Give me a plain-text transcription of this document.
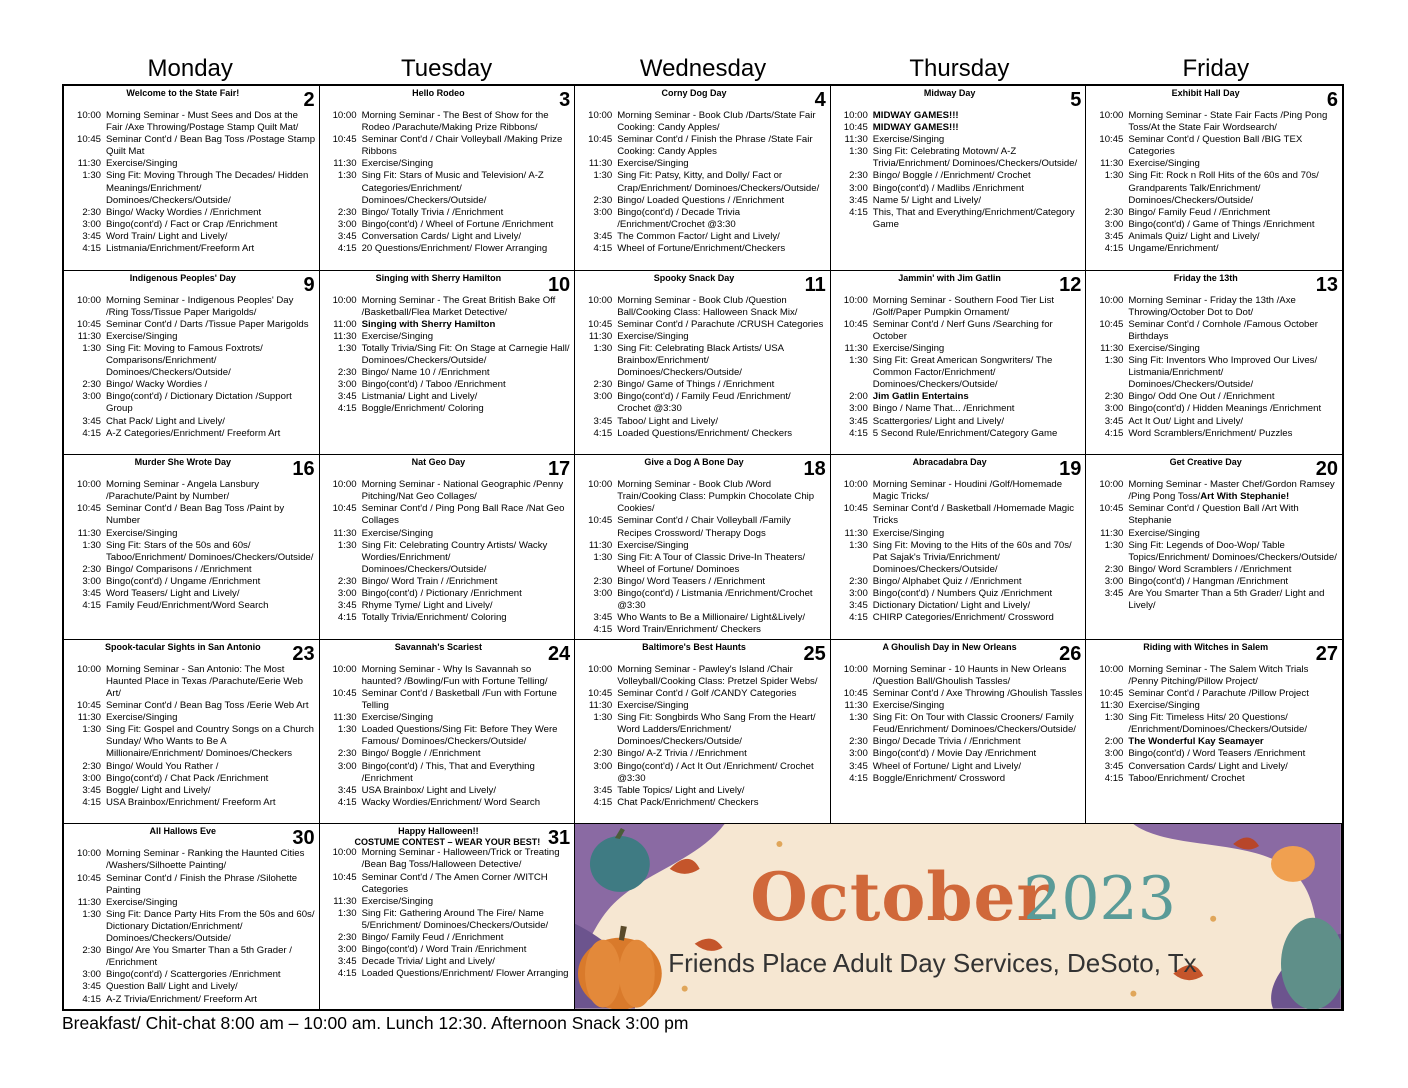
Monday	Tuesday	Wednesday	Thursday	Friday
Welcome to the State Fair!	2
10:00 Morning Seminar - Must Sees and Dos at the Fair /Axe Throwing/Postage Stamp Quilt Mat/
10:45 Seminar Cont'd / Bean Bag Toss /Postage Stamp Quilt Mat
11:30 Exercise/Singing
1:30 Sing Fit: Moving Through The Decades/ Hidden Meanings/Enrichment/ Dominoes/Checkers/Outside/
2:30 Bingo/ Wacky Wordies / /Enrichment
3:00 Bingo(cont'd) / Fact or Crap /Enrichment
3:45 Word Train/ Light and Lively/
4:15 Listmania/Enrichment/Freeform Art
Hello Rodeo	3
10:00 Morning Seminar - The Best of Show for the Rodeo /Parachute/Making Prize Ribbons/
10:45 Seminar Cont'd / Chair Volleyball /Making Prize Ribbons
11:30 Exercise/Singing
1:30 Sing Fit: Stars of Music and Television/ A-Z Categories/Enrichment/ Dominoes/Checkers/Outside/
2:30 Bingo/ Totally Trivia / /Enrichment
3:00 Bingo(cont'd) / Wheel of Fortune /Enrichment
3:45 Conversation Cards/ Light and Lively/
4:15 20 Questions/Enrichment/ Flower Arranging
Corny Dog Day	4
10:00 Morning Seminar - Book Club /Darts/State Fair Cooking: Candy Apples/
10:45 Seminar Cont'd / Finish the Phrase /State Fair Cooking: Candy Apples
11:30 Exercise/Singing
1:30 Sing Fit: Patsy, Kitty, and Dolly/ Fact or Crap/Enrichment/ Dominoes/Checkers/Outside/
2:30 Bingo/ Loaded Questions / /Enrichment
3:00 Bingo(cont'd) / Decade Trivia /Enrichment/Crochet @3:30
3:45 The Common Factor/ Light and Lively/
4:15 Wheel of Fortune/Enrichment/Checkers
Midway Day	5
10:00 MIDWAY GAMES!!!
10:45 MIDWAY GAMES!!!
11:30 Exercise/Singing
1:30 Sing Fit: Celebrating Motown/ A-Z Trivia/Enrichment/ Dominoes/Checkers/Outside/
2:30 Bingo/ Boggle / /Enrichment/ Crochet
3:00 Bingo(cont'd) / Madlibs /Enrichment
3:45 Name 5/ Light and Lively/
4:15 This, That and Everything/Enrichment/Category Game
Exhibit Hall Day	6
10:00 Morning Seminar - State Fair Facts /Ping Pong Toss/At the State Fair Wordsearch/
10:45 Seminar Cont'd / Question Ball /BIG TEX Categories
11:30 Exercise/Singing
1:30 Sing Fit: Rock n Roll Hits of the 60s and 70s/ Grandparents Talk/Enrichment/ Dominoes/Checkers/Outside/
2:30 Bingo/ Family Feud / /Enrichment
3:00 Bingo(cont'd) / Game of Things /Enrichment
3:45 Animals Quiz/ Light and Lively/
4:15 Ungame/Enrichment/
Indigenous Peoples' Day	9
10:00 Morning Seminar - Indigenous Peoples' Day /Ring Toss/Tissue Paper Marigolds/
10:45 Seminar Cont'd / Darts /Tissue Paper Marigolds
11:30 Exercise/Singing
1:30 Sing Fit: Moving to Famous Foxtrots/ Comparisons/Enrichment/ Dominoes/Checkers/Outside/
2:30 Bingo/ Wacky Wordies /
3:00 Bingo(cont'd) / Dictionary Dictation /Support Group
3:45 Chat Pack/ Light and Lively/
4:15 A-Z Categories/Enrichment/ Freeform Art
Singing with Sherry Hamilton	10
10:00 Morning Seminar - The Great British Bake Off /Basketball/Flea Market Detective/
11:00 Singing with Sherry Hamilton
11:30 Exercise/Singing
1:30 Totally Trivia/Sing Fit: On Stage at Carnegie Hall/ Dominoes/Checkers/Outside/
2:30 Bingo/ Name 10 / /Enrichment
3:00 Bingo(cont'd) / Taboo /Enrichment
3:45 Listmania/ Light and Lively/
4:15 Boggle/Enrichment/ Coloring
Spooky Snack Day	11
10:00 Morning Seminar - Book Club /Question Ball/Cooking Class: Halloween Snack Mix/
10:45 Seminar Cont'd / Parachute /CRUSH Categories
11:30 Exercise/Singing
1:30 Sing Fit: Celebrating Black Artists/ USA Brainbox/Enrichment/ Dominoes/Checkers/Outside/
2:30 Bingo/ Game of Things / /Enrichment
3:00 Bingo(cont'd) / Family Feud /Enrichment/ Crochet @3:30
3:45 Taboo/ Light and Lively/
4:15 Loaded Questions/Enrichment/ Checkers
Jammin' with Jim Gatlin	12
10:00 Morning Seminar - Southern Food Tier List /Golf/Paper Pumpkin Ornament/
10:45 Seminar Cont'd / Nerf Guns /Searching for October
11:30 Exercise/Singing
1:30 Sing Fit: Great American Songwriters/ The Common Factor/Enrichment/ Dominoes/Checkers/Outside/
2:00 Jim Gatlin Entertains
3:00 Bingo / Name That... /Enrichment
3:45 Scattergories/ Light and Lively/
4:15 5 Second Rule/Enrichment/Category Game
Friday the 13th	13
10:00 Morning Seminar - Friday the 13th /Axe Throwing/October Dot to Dot/
10:45 Seminar Cont'd / Cornhole /Famous October Birthdays
11:30 Exercise/Singing
1:30 Sing Fit: Inventors Who Improved Our Lives/ Listmania/Enrichment/ Dominoes/Checkers/Outside/
2:30 Bingo/ Odd One Out / /Enrichment
3:00 Bingo(cont'd) / Hidden Meanings /Enrichment
3:45 Act It Out/ Light and Lively/
4:15 Word Scramblers/Enrichment/ Puzzles
Murder She Wrote Day	16
10:00 Morning Seminar - Angela Lansbury /Parachute/Paint by Number/
10:45 Seminar Cont'd / Bean Bag Toss /Paint by Number
11:30 Exercise/Singing
1:30 Sing Fit: Stars of the 50s and 60s/ Taboo/Enrichment/ Dominoes/Checkers/Outside/
2:30 Bingo/ Comparisons / /Enrichment
3:00 Bingo(cont'd) / Ungame /Enrichment
3:45 Word Teasers/ Light and Lively/
4:15 Family Feud/Enrichment/Word Search
Nat Geo Day	17
10:00 Morning Seminar - National Geographic /Penny Pitching/Nat Geo Collages/
10:45 Seminar Cont'd / Ping Pong Ball Race /Nat Geo Collages
11:30 Exercise/Singing
1:30 Sing Fit: Celebrating Country Artists/ Wacky Wordies/Enrichment/ Dominoes/Checkers/Outside/
2:30 Bingo/ Word Train / /Enrichment
3:00 Bingo(cont'd) / Pictionary /Enrichment
3:45 Rhyme Tyme/ Light and Lively/
4:15 Totally Trivia/Enrichment/ Coloring
Give a Dog A Bone Day	18
10:00 Morning Seminar - Book Club /Word Train/Cooking Class: Pumpkin Chocolate Chip Cookies/
10:45 Seminar Cont'd / Chair Volleyball /Family Recipes Crossword/ Therapy Dogs
11:30 Exercise/Singing
1:30 Sing Fit: A Tour of Classic Drive-In Theaters/ Wheel of Fortune/ Dominoes
2:30 Bingo/ Word Teasers / /Enrichment
3:00 Bingo(cont'd) / Listmania /Enrichment/Crochet @3:30
3:45 Who Wants to Be a Millionaire/ Light&Lively/
4:15 Word Train/Enrichment/ Checkers
Abracadabra Day	19
10:00 Morning Seminar - Houdini /Golf/Homemade Magic Tricks/
10:45 Seminar Cont'd / Basketball /Homemade Magic Tricks
11:30 Exercise/Singing
1:30 Sing Fit: Moving to the Hits of the 60s and 70s/ Pat Sajak's Trivia/Enrichment/ Dominoes/Checkers/Outside/
2:30 Bingo/ Alphabet Quiz / /Enrichment
3:00 Bingo(cont'd) / Numbers Quiz /Enrichment
3:45 Dictionary Dictation/ Light and Lively/
4:15 CHIRP Categories/Enrichment/ Crossword
Get Creative Day	20
10:00 Morning Seminar - Master Chef/Gordon Ramsey /Ping Pong Toss/Art With Stephanie!
10:45 Seminar Cont'd / Question Ball /Art With Stephanie
11:30 Exercise/Singing
1:30 Sing Fit: Legends of Doo-Wop/ Table Topics/Enrichment/ Dominoes/Checkers/Outside/
2:30 Bingo/ Word Scramblers / /Enrichment
3:00 Bingo(cont'd) / Hangman /Enrichment
3:45 Are You Smarter Than a 5th Grader/ Light and Lively/
Spook-tacular Sights in San Antonio	23
10:00 Morning Seminar - San Antonio: The Most Haunted Place in Texas /Parachute/Eerie Web Art/
10:45 Seminar Cont'd / Bean Bag Toss /Eerie Web Art
11:30 Exercise/Singing
1:30 Sing Fit: Gospel and Country Songs on a Church Sunday/ Who Wants to Be A Millionaire/Enrichment/ Dominoes/Checkers
2:30 Bingo/ Would You Rather /
3:00 Bingo(cont'd) / Chat Pack /Enrichment
3:45 Boggle/ Light and Lively/
4:15 USA Brainbox/Enrichment/ Freeform Art
Savannah's Scariest	24
10:00 Morning Seminar - Why Is Savannah so haunted? /Bowling/Fun with Fortune Telling/
10:45 Seminar Cont'd / Basketball /Fun with Fortune Telling
11:30 Exercise/Singing
1:30 Loaded Questions/Sing Fit: Before They Were Famous/ Dominoes/Checkers/Outside/
2:30 Bingo/ Boggle / /Enrichment
3:00 Bingo(cont'd) / This, That and Everything /Enrichment
3:45 USA Brainbox/ Light and Lively/
4:15 Wacky Wordies/Enrichment/ Word Search
Baltimore's Best Haunts	25
10:00 Morning Seminar - Pawley's Island /Chair Volleyball/Cooking Class: Pretzel Spider Webs/
10:45 Seminar Cont'd / Golf /CANDY Categories
11:30 Exercise/Singing
1:30 Sing Fit: Songbirds Who Sang From the Heart/ Word Ladders/Enrichment/ Dominoes/Checkers/Outside/
2:30 Bingo/ A-Z Trivia / /Enrichment
3:00 Bingo(cont'd) / Act It Out /Enrichment/ Crochet @3:30
3:45 Table Topics/ Light and Lively/
4:15 Chat Pack/Enrichment/ Checkers
A Ghoulish Day in New Orleans	26
10:00 Morning Seminar - 10 Haunts in New Orleans /Question Ball/Ghoulish Tassles/
10:45 Seminar Cont'd / Axe Throwing /Ghoulish Tassles
11:30 Exercise/Singing
1:30 Sing Fit: On Tour with Classic Crooners/ Family Feud/Enrichment/ Dominoes/Checkers/Outside/
2:30 Bingo/ Decade Trivia / /Enrichment
3:00 Bingo(cont'd) / Movie Day /Enrichment
3:45 Wheel of Fortune/ Light and Lively/
4:15 Boggle/Enrichment/ Crossword
Riding with Witches in Salem	27
10:00 Morning Seminar - The Salem Witch Trials /Penny Pitching/Pillow Project/
10:45 Seminar Cont'd / Parachute /Pillow Project
11:30 Exercise/Singing
1:30 Sing Fit: Timeless Hits/ 20 Questions/ /Enrichment/Dominoes/Checkers/Outside/
2:00 The Wonderful Kay Seamayer
3:00 Bingo(cont'd) / Word Teasers /Enrichment
3:45 Conversation Cards/ Light and Lively/
4:15 Taboo/Enrichment/ Crochet
All Hallows Eve	30
10:00 Morning Seminar - Ranking the Haunted Cities /Washers/Silhoette Painting/
10:45 Seminar Cont'd / Finish the Phrase /Silohette Painting
11:30 Exercise/Singing
1:30 Sing Fit: Dance Party Hits From the 50s and 60s/ Dictionary Dictation/Enrichment/ Dominoes/Checkers/Outside/
2:30 Bingo/ Are You Smarter Than a 5th Grader / /Enrichment
3:00 Bingo(cont'd) / Scattergories /Enrichment
3:45 Question Ball/ Light and Lively/
4:15 A-Z Trivia/Enrichment/ Freeform Art
Happy Halloween!!
COSTUME CONTEST – WEAR YOUR BEST! 31
10:00 Morning Seminar - Halloween/Trick or Treating /Bean Bag Toss/Halloween Detective/
10:45 Seminar Cont'd / The Amen Corner /WITCH Categories
11:30 Exercise/Singing
1:30 Sing Fit: Gathering Around The Fire/ Name 5/Enrichment/ Dominoes/Checkers/Outside/
2:30 Bingo/ Family Feud / /Enrichment
3:00 Bingo(cont'd) / Word Train /Enrichment
3:45 Decade Trivia/ Light and Lively/
4:15 Loaded Questions/Enrichment/ Flower Arranging
October
2023
Friends Place Adult Day Services, DeSoto, Tx
Breakfast/ Chit-chat 8:00 am – 10:00 am. Lunch 12:30. Afternoon Snack 3:00 pm
